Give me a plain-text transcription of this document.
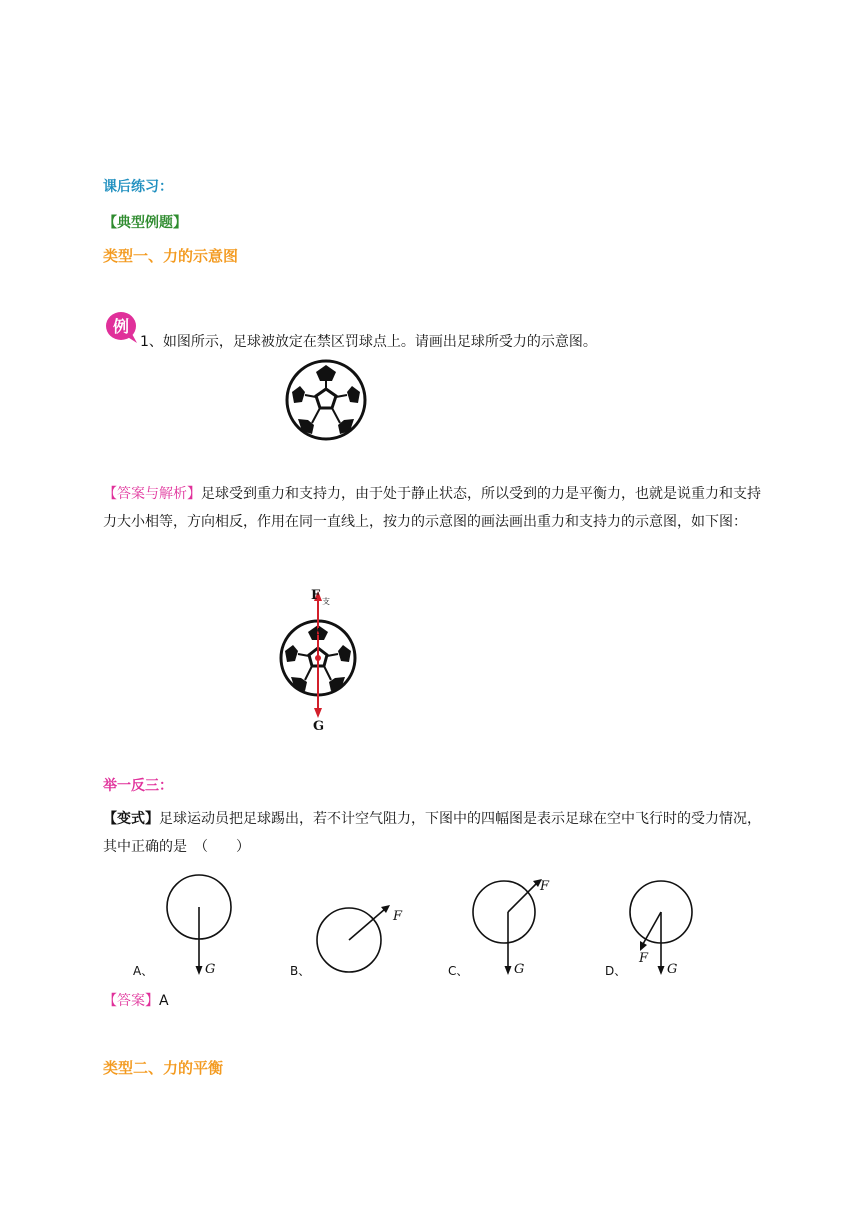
课后练习：
【典型例题】
类型一、力的示意图
例
1、如图所示，足球被放定在禁区罚球点上。请画出足球所受力的示意图。
【答案与解析】足球受到重力和支持力，由于处于静止状态，所以受到的力是平衡力，也就是说重力和支持力大小相等，方向相反，作用在同一直线上，按力的示意图的画法画出重力和支持力的示意图，如下图：
F 支
A
G
举一反三：
【变式】足球运动员把足球踢出，若不计空气阻力，下图中的四幅图是表示足球在空中飞行时的受力情况，其中正确的是　（　　）
A、	G	B、
F
C、
F
G	D、
F
G
【答案】A
类型二、力的平衡
